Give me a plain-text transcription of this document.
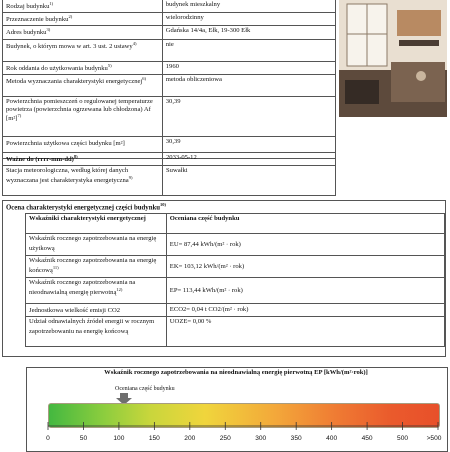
Rodzaj budynku$^{1)}$	budynek mieszkalny
Przeznaczenie budynku$^{2)}$	wielorodzinny
Adres budynku$^{3)}$	Gdańska 14/4a, Ełk, 19-300 Ełk
Budynek, o którym mowa w art. 3 ust. 2 ustawy$^{4)}$	nie
Rok oddania do użytkowania budynku$^{5)}$	1960
Metoda wyznaczania charakterystyki energetycznej$^{6)}$	metoda obliczeniowa
Powierzchnia pomieszczeń o regulowanej temperaturze powietrza (powierzchnia ogrzewana lub chłodzona) Af $[m^2]^{7)}$	30,39
Powierzchnia użytkowa części budynku [m²]	30,39
Ważne do (rrrr-mm-dd)$^{8)}$	2033-05-12
Stacja meteorologiczna, według której danych wyznaczana jest charakterystyka energetyczna$^{9)}$	Suwałki
Ocena charakterystyki energetycznej części budynku$^{10)}$
Wskaźniki charakterystyki energetycznej	Oceniana część budynku
Wskaźnik rocznego zapotrzebowania na energię użytkową	EU= 87,44 kWh/(m² · rok)
Wskaźnik rocznego zapotrzebowania na energię końcową$^{11)}$	EK= 103,12 kWh/(m² · rok)
Wskaźnik rocznego zapotrzebowania na nieodnawialną energię pierwotną$^{12)}$	EP= 113,44 kWh/(m² · rok)
Jednostkowa wielkość emisji CO2	ECO2= 0,04 t CO2/(m² · rok)
Udział odnawialnych źródeł energii w rocznym zapotrzebowaniu na energię końcową	UOZE= 0,00 %
Wskaźnik rocznego zapotrzebowania na nieodnawialną energię pierwotną EP [kWh/(m²·rok)]
Oceniana część budynku
0	50	100	150	200	250	300	350	400	450	500	>500
